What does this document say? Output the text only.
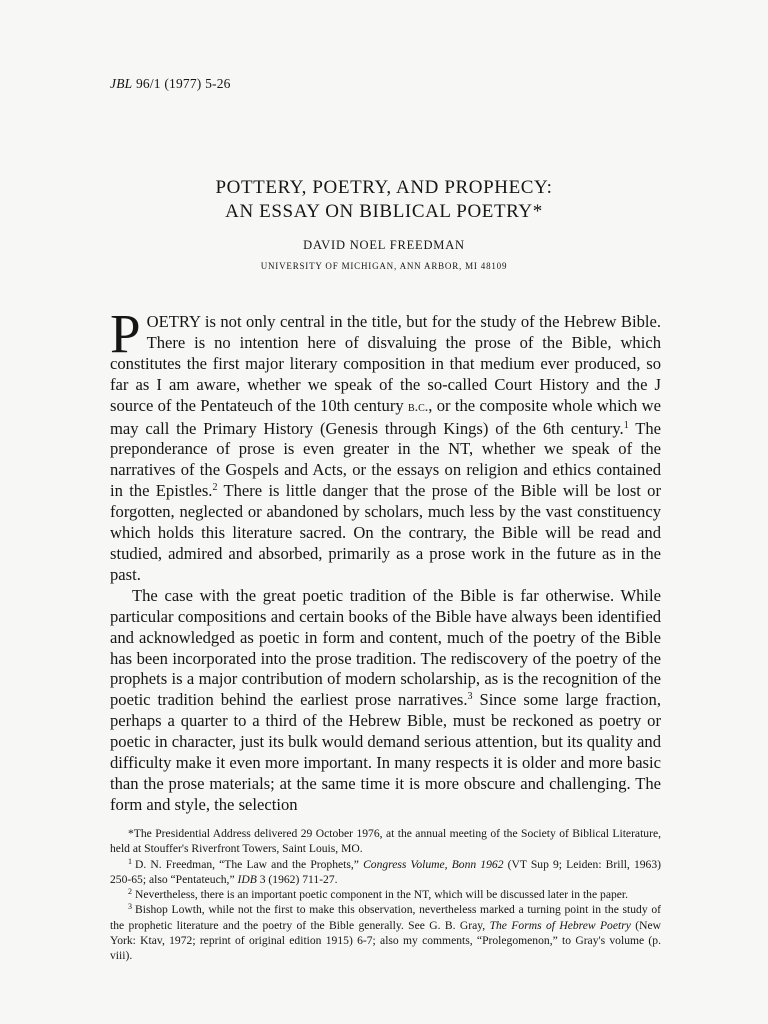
JBL 96/1 (1977) 5-26
POTTERY, POETRY, AND PROPHECY:
AN ESSAY ON BIBLICAL POETRY*
DAVID NOEL FREEDMAN
UNIVERSITY OF MICHIGAN, ANN ARBOR, MI 48109

POETRY is not only central in the title, but for the study of the Hebrew Bible. There is no intention here of disvaluing the prose of the Bible, which constitutes the first major literary composition in that medium ever produced, so far as I am aware, whether we speak of the so-called Court History and the J source of the Pentateuch of the 10th century b.c., or the composite whole which we may call the Primary History (Genesis through Kings) of the 6th century.$^1$ The preponderance of prose is even greater in the NT, whether we speak of the narratives of the Gospels and Acts, or the essays on religion and ethics contained in the Epistles.$^2$ There is little danger that the prose of the Bible will be lost or forgotten, neglected or abandoned by scholars, much less by the vast constituency which holds this literature sacred. On the contrary, the Bible will be read and studied, admired and absorbed, primarily as a prose work in the future as in the past.

The case with the great poetic tradition of the Bible is far otherwise. While particular compositions and certain books of the Bible have always been identified and acknowledged as poetic in form and content, much of the poetry of the Bible has been incorporated into the prose tradition. The rediscovery of the poetry of the prophets is a major contribution of modern scholarship, as is the recognition of the poetic tradition behind the earliest prose narratives.$^3$ Since some large fraction, perhaps a quarter to a third of the Hebrew Bible, must be reckoned as poetry or poetic in character, just its bulk would demand serious attention, but its quality and difficulty make it even more important. In many respects it is older and more basic than the prose materials; at the same time it is more obscure and challenging. The form and style, the selection

*The Presidential Address delivered 29 October 1976, at the annual meeting of the Society of Biblical Literature, held at Stouffer's Riverfront Towers, Saint Louis, MO.

$^1$ D. N. Freedman, “The Law and the Prophets,” Congress Volume, Bonn 1962 (VT Sup 9; Leiden: Brill, 1963) 250-65; also “Pentateuch,” IDB 3 (1962) 711-27.

$^2$ Nevertheless, there is an important poetic component in the NT, which will be discussed later in the paper.

$^3$ Bishop Lowth, while not the first to make this observation, nevertheless marked a turning point in the study of the prophetic literature and the poetry of the Bible generally. See G. B. Gray, The Forms of Hebrew Poetry (New York: Ktav, 1972; reprint of original edition 1915) 6-7; also my comments, “Prolegomenon,” to Gray's volume (p. viii).
